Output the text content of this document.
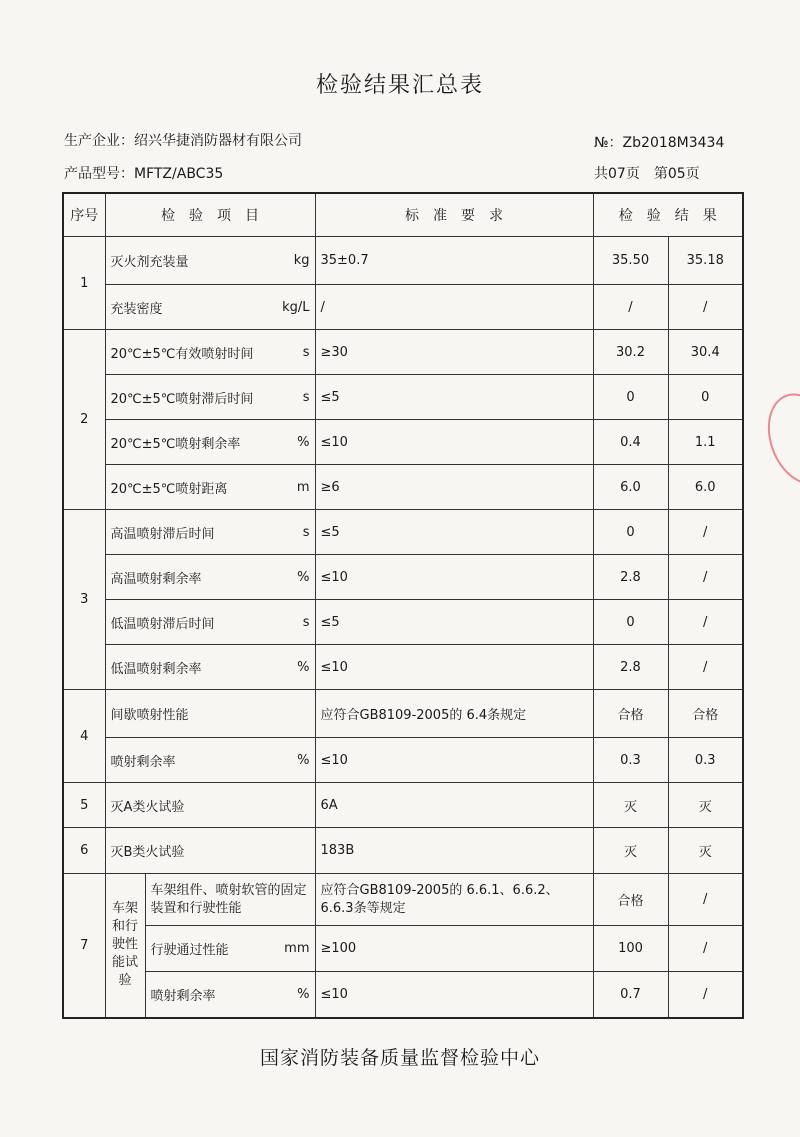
检验结果汇总表
生产企业：绍兴华捷消防器材有限公司	№：Zb2018M3434
产品型号：MFTZ/ABC35	共07页　第05页
序号	检　验　项　目		标　准　要　求	检　验　结　果	
1	灭火剂充装量 kg		35±0.7	35.50	35.18

	充装密度 kg/L		/	/	/
2	20℃±5℃有效喷射时间 s		≥30	30.2	30.4

	20℃±5℃喷射滞后时间 s		≤5	0	0

	20℃±5℃喷射剩余率 %		≤10	0.4	1.1

	20℃±5℃喷射距离 m		≥6	6.0	6.0
3	高温喷射滞后时间 s		≤5	0	/

	高温喷射剩余率 %		≤10	2.8	/

	低温喷射滞后时间 s		≤5	0	/

	低温喷射剩余率 %		≤10	2.8	/
4	间歇喷射性能		应符合GB8109-2005的 6.4条规定	合格	合格

	喷射剩余率 %		≤10	0.3	0.3
5	灭A类火试验		6A	灭	灭
6	灭B类火试验		183B	灭	灭
7	车架和行驶性能试验	车架组件、喷射软管的固定装置和行驶性能	应符合GB8109-2005的 6.6.1、6.6.2、6.6.3条等规定	合格	/

		行驶通过性能 mm	≥100	100	/

		喷射剩余率 %	≤10	0.7	/
国家消防装备质量监督检验中心
